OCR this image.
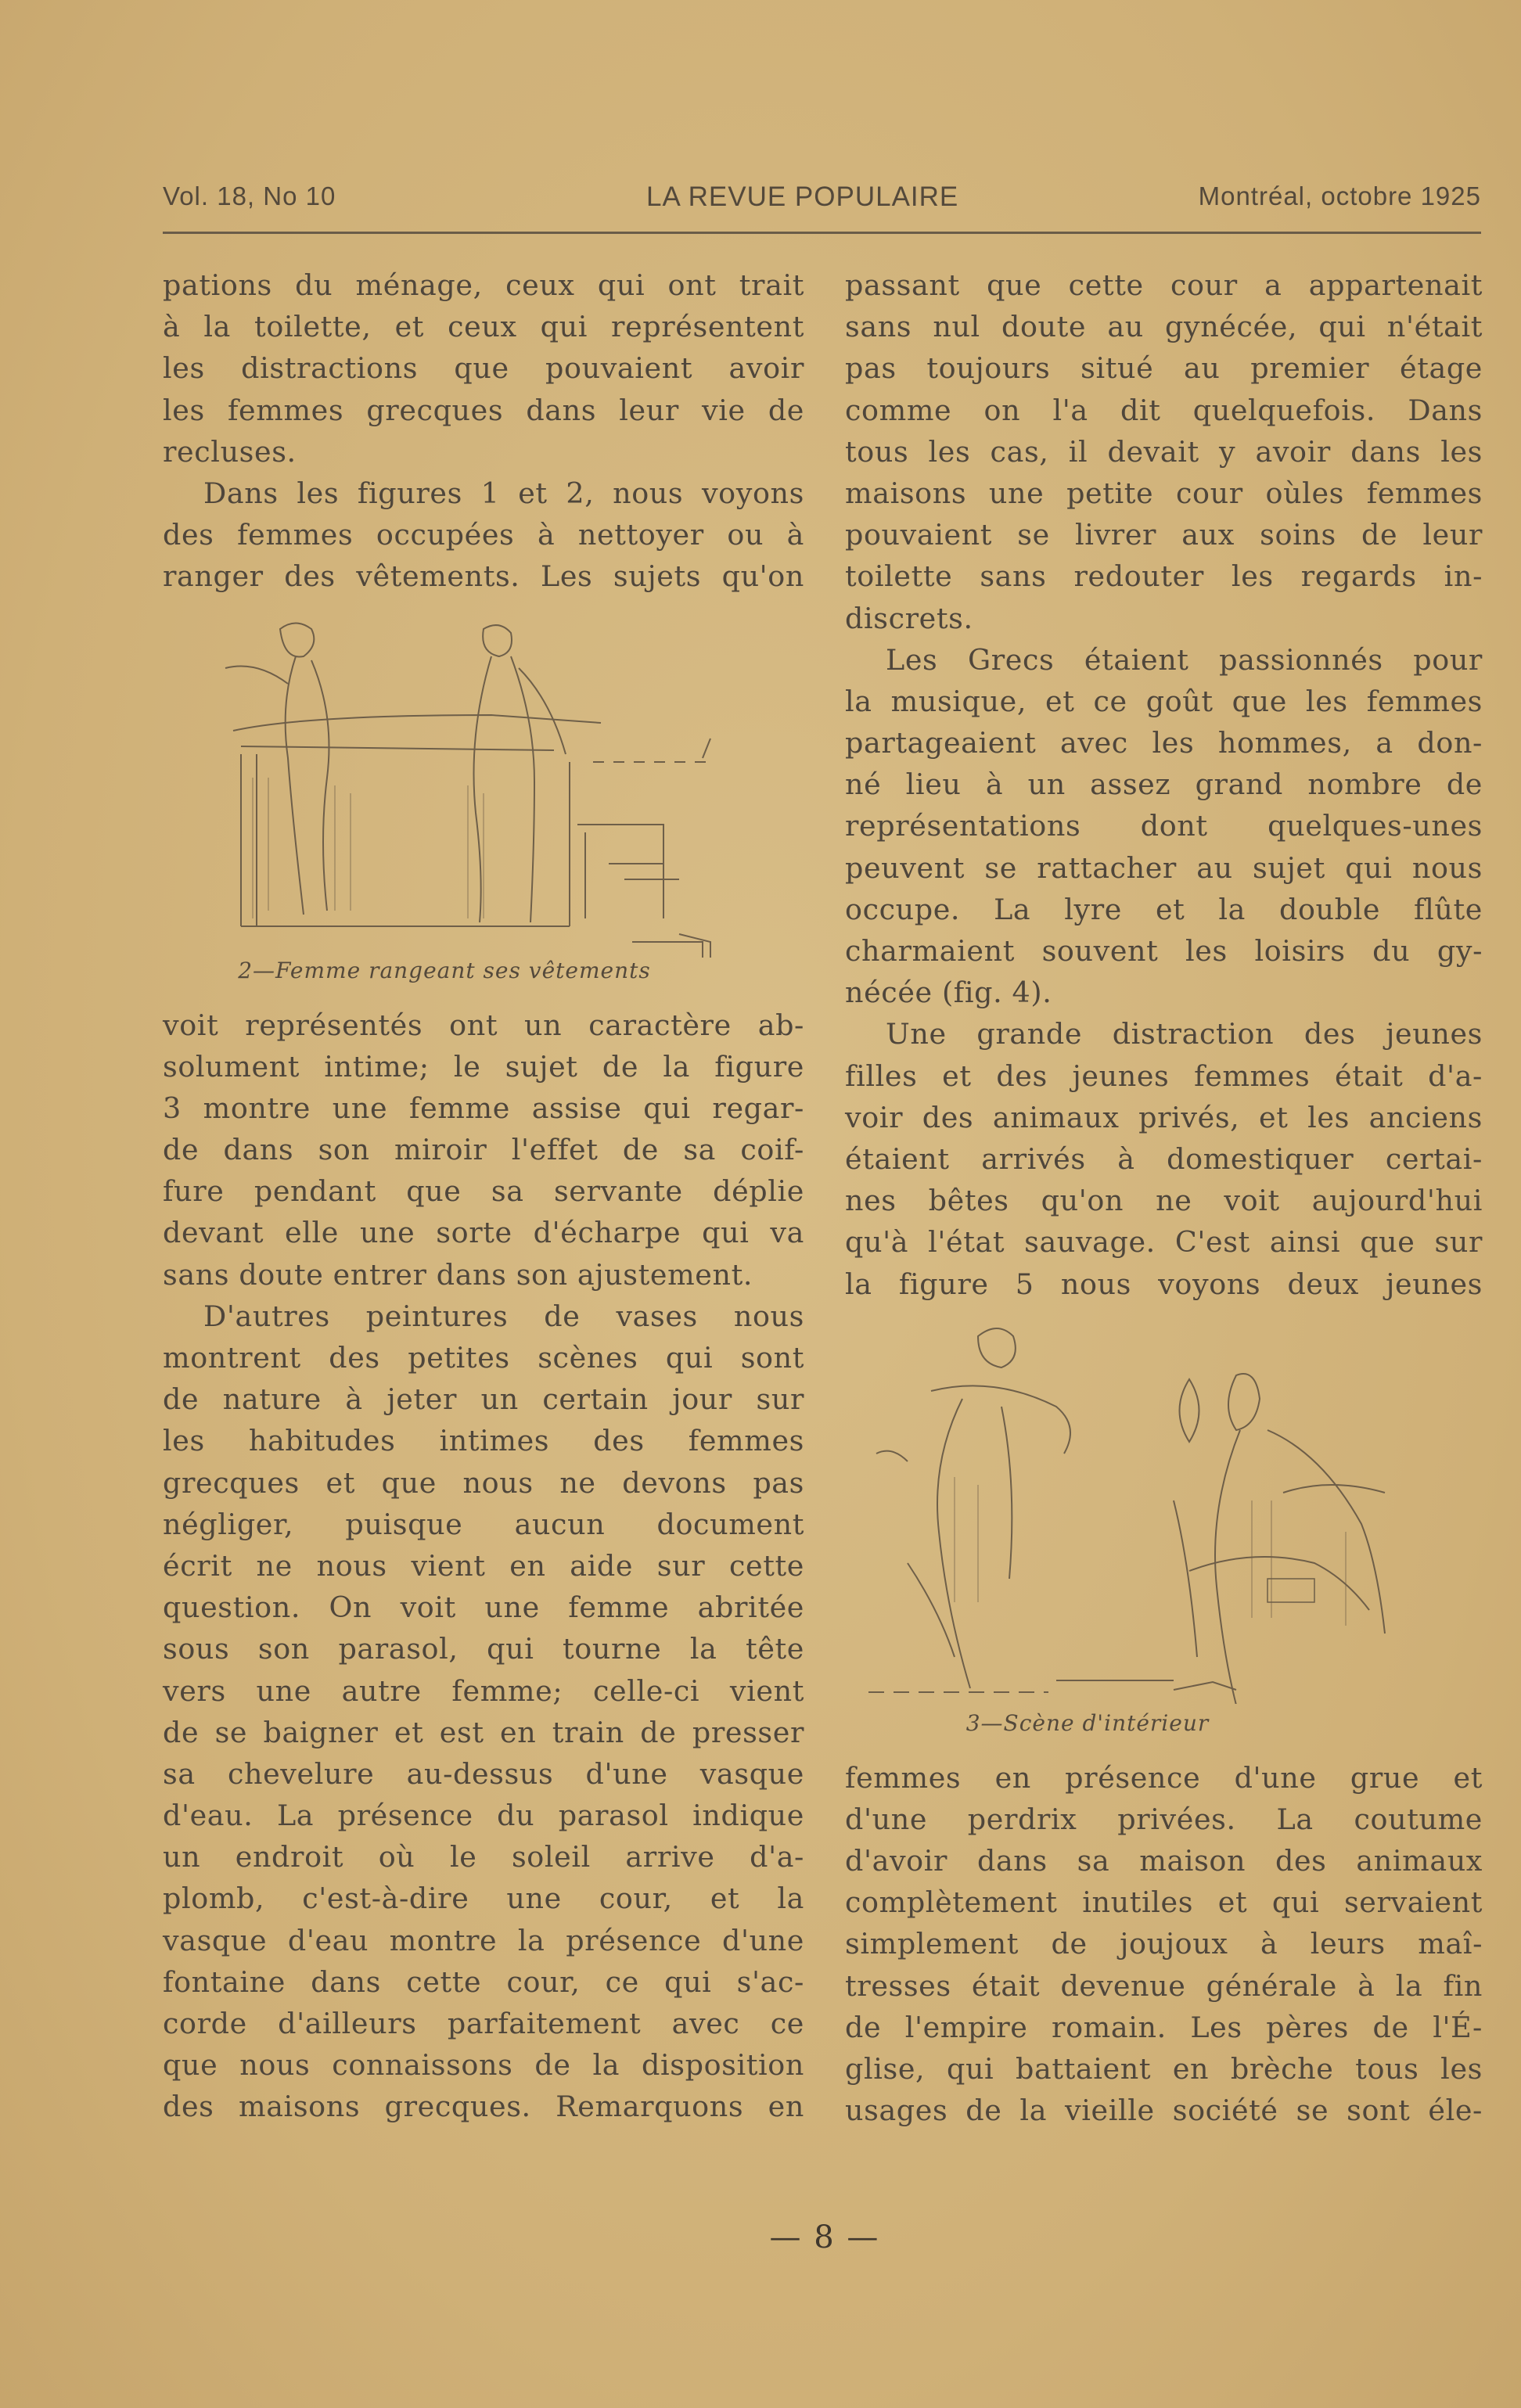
Vol. 18, No 10	LA REVUE POPULAIRE	Montréal, octobre 1925
pations du ménage, ceux qui ont trait
à la toilette, et ceux qui représentent
les distractions que pouvaient avoir
les femmes grecques dans leur vie de
recluses.
Dans les figures 1 et 2, nous voyons
des femmes occupées à nettoyer ou à
ranger des vêtements. Les sujets qu'on
2—Femme rangeant ses vêtements
voit représentés ont un caractère ab-
solument intime; le sujet de la figure
3 montre une femme assise qui regar-
de dans son miroir l'effet de sa coif-
fure pendant que sa servante déplie
devant elle une sorte d'écharpe qui va
sans doute entrer dans son ajustement.
D'autres peintures de vases nous
montrent des petites scènes qui sont
de nature à jeter un certain jour sur
les habitudes intimes des femmes
grecques et que nous ne devons pas
négliger, puisque aucun document
écrit ne nous vient en aide sur cette
question. On voit une femme abritée
sous son parasol, qui tourne la tête
vers une autre femme; celle-ci vient
de se baigner et est en train de presser
sa chevelure au-dessus d'une vasque
d'eau. La présence du parasol indique
un endroit où le soleil arrive d'a-
plomb, c'est-à-dire une cour, et la
vasque d'eau montre la présence d'une
fontaine dans cette cour, ce qui s'ac-
corde d'ailleurs parfaitement avec ce
que nous connaissons de la disposition
des maisons grecques. Remarquons en
passant que cette cour a appartenait
sans nul doute au gynécée, qui n'était
pas toujours situé au premier étage
comme on l'a dit quelquefois. Dans
tous les cas, il devait y avoir dans les
maisons une petite cour oùles femmes
pouvaient se livrer aux soins de leur
toilette sans redouter les regards in-
discrets.
Les Grecs étaient passionnés pour
la musique, et ce goût que les femmes
partageaient avec les hommes, a don-
né lieu à un assez grand nombre de
représentations dont quelques-unes
peuvent se rattacher au sujet qui nous
occupe. La lyre et la double flûte
charmaient souvent les loisirs du gy-
nécée (fig. 4).
Une grande distraction des jeunes
filles et des jeunes femmes était d'a-
voir des animaux privés, et les anciens
étaient arrivés à domestiquer certai-
nes bêtes qu'on ne voit aujourd'hui
qu'à l'état sauvage. C'est ainsi que sur
la figure 5 nous voyons deux jeunes
3—Scène d'intérieur
femmes en présence d'une grue et
d'une perdrix privées. La coutume
d'avoir dans sa maison des animaux
complètement inutiles et qui servaient
simplement de joujoux à leurs maî-
tresses était devenue générale à la fin
de l'empire romain. Les pères de l'É-
glise, qui battaient en brèche tous les
usages de la vieille société se sont éle-
— 8 —
